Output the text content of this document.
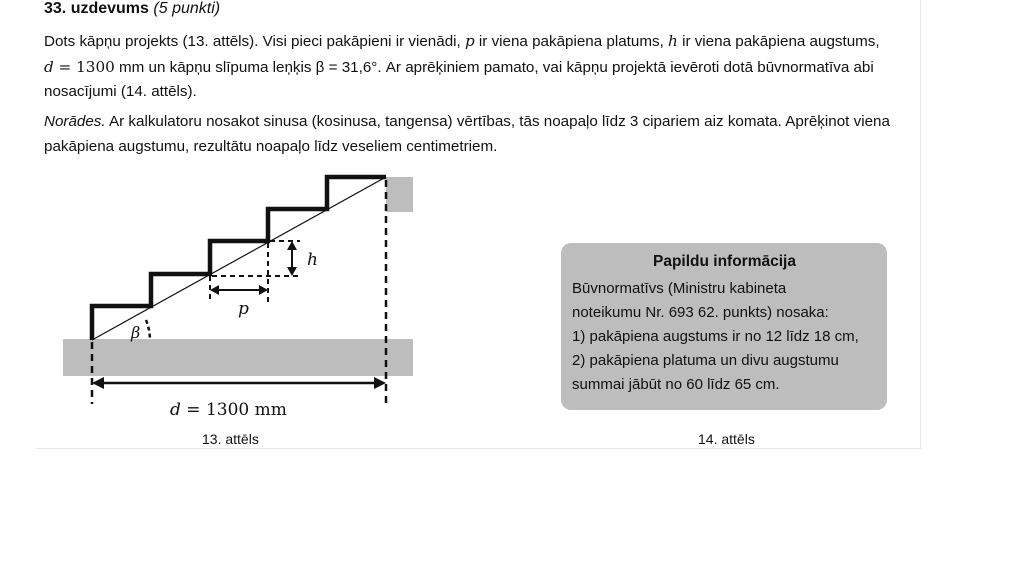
33. uzdevums (5 punkti)

Dots kāpņu projekts (13. attēls). Visi pieci pakāpieni ir vienādi, p ir viena pakāpiena platums, h ir viena pakāpiena augstums,
d = 1300 mm un kāpņu slīpuma leņķis β = 31,6°. Ar aprēķiniem pamato, vai kāpņu projektā ievēroti dotā būvnormatīva abi nosacījumi (14. attēls).

Norādes. Ar kalkulatoru nosakot sinusa (kosinusa, tangensa) vērtības, tās noapaļo līdz 3 cipariem aiz komata. Aprēķinot viena pakāpiena augstumu, rezultātu noapaļo līdz veseliem centimetriem.

h
p
β
d = 1300 mm

13. attēls

Papildu informācija

Būvnormatīvs (Ministru kabineta

noteikumu Nr. 693 62. punkts) nosaka:

1) pakāpiena augstums ir no 12 līdz 18 cm,

2) pakāpiena platuma un divu augstumu

summai jābūt no 60 līdz 65 cm.

14. attēls
